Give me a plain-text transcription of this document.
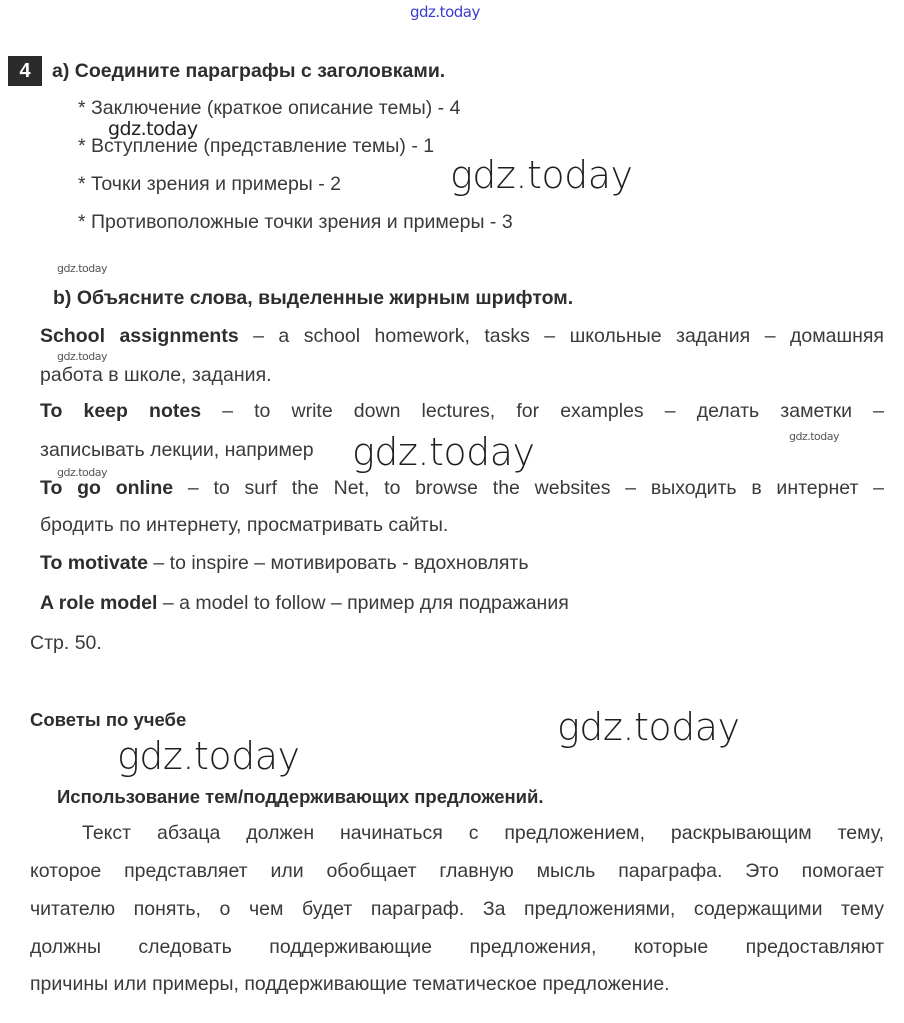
gdz.today
gdz.today
gdz.today
gdz.today
gdz.today
gdz.today	gdz.today
gdz.today
gdz.today
gdz.today
4 a) Соедините параграфы с заголовками.
* Заключение (краткое описание темы) - 4
* Вступление (представление темы) - 1
* Точки зрения и примеры - 2
* Противоположные точки зрения и примеры - 3
b) Объясните слова, выделенные жирным шрифтом.
School assignments – a school homework, tasks – школьные задания – домашняя
работа в школе, задания.
To keep notes – to write down lectures, for examples – делать заметки –
записывать лекции, например
To go online – to surf the Net, to browse the websites – выходить в интернет –
бродить по интернету, просматривать сайты.
To motivate – to inspire – мотивировать - вдохновлять
A role model – a model to follow – пример для подражания
Стр. 50.
Советы по учебе
Использование тем/поддерживающих предложений.
Текст абзаца должен начинаться с предложением, раскрывающим тему,
которое представляет или обобщает главную мысль параграфа. Это помогает
читателю понять, о чем будет параграф. За предложениями, содержащими тему
должны следовать поддерживающие предложения, которые предоставляют
причины или примеры, поддерживающие тематическое предложение.
